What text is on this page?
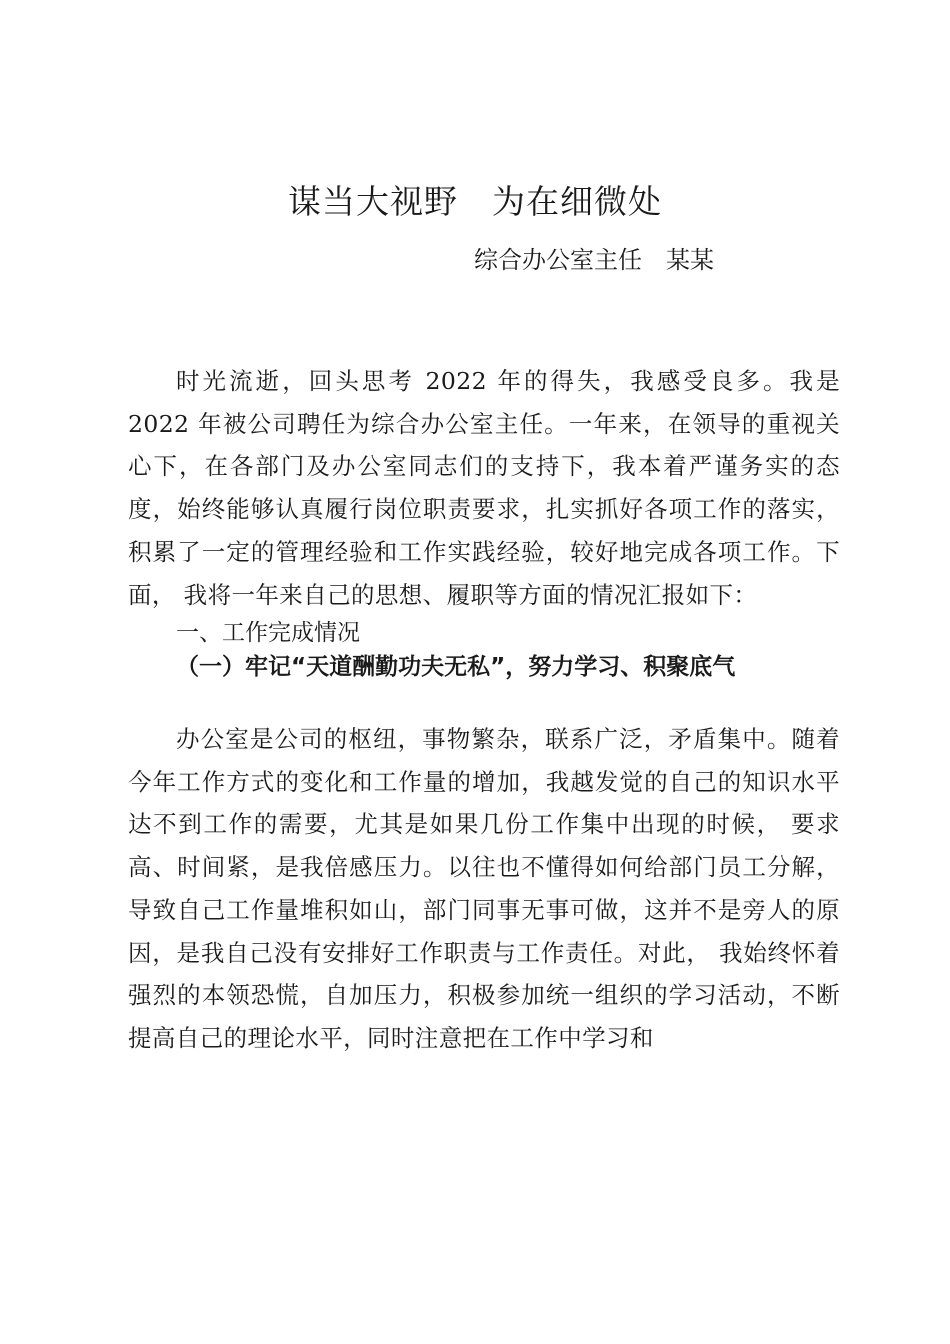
谋当大视野　为在细微处
综合办公室主任　某某

时光流逝，回头思考 2022 年的得失，我感受良多。我是 2022 年被公司聘任为综合办公室主任。一年来，在领导的重视关心下，在各部门及办公室同志们的支持下，我本着严谨务实的态度，始终能够认真履行岗位职责要求，扎实抓好各项工作的落实，积累了一定的管理经验和工作实践经验，较好地完成各项工作。下面， 我将一年来自己的思想、履职等方面的情况汇报如下：

一、工作完成情况
（一）牢记“天道酬勤功夫无私”，努力学习、积聚底气

办公室是公司的枢纽，事物繁杂，联系广泛，矛盾集中。随着今年工作方式的变化和工作量的增加，我越发觉的自己的知识水平达不到工作的需要，尤其是如果几份工作集中出现的时候， 要求高、时间紧，是我倍感压力。以往也不懂得如何给部门员工分解，导致自己工作量堆积如山，部门同事无事可做，这并不是旁人的原因，是我自己没有安排好工作职责与工作责任。对此， 我始终怀着强烈的本领恐慌，自加压力，积极参加统一组织的学习活动，不断提高自己的理论水平，同时注意把在工作中学习和
